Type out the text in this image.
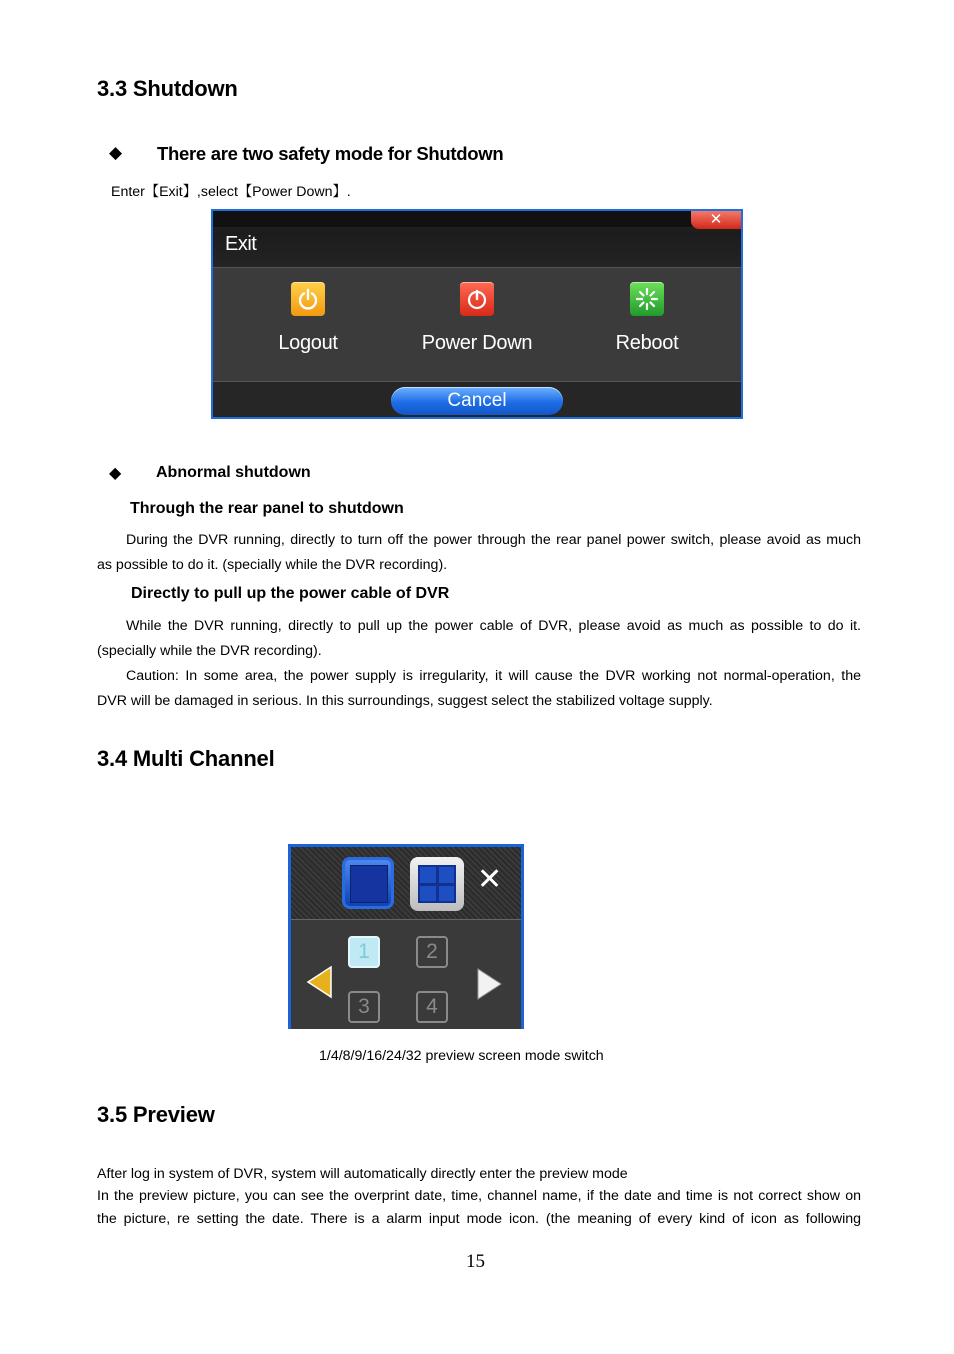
3.3 Shutdown
◆ There are two safety mode for Shutdown
Enter【Exit】,select【Power Down】.
Exit
✕
Logout	Power Down	Reboot
Cancel
◆ Abnormal shutdown
Through the rear panel to shutdown
During the DVR running, directly to turn off the power through the rear panel power switch, please avoid as much
as possible to do it. (specially while the DVR recording).
Directly to pull up the power cable of DVR
While the DVR running, directly to pull up the power cable of DVR, please avoid as much as possible to do it.
(specially while the DVR recording).
Caution: In some area, the power supply is irregularity, it will cause the DVR working not normal-operation, the
DVR will be damaged in serious. In this surroundings, suggest select the stabilized voltage supply.
3.4 Multi Channel
✕
1	2
3	4
1/4/8/9/16/24/32 preview screen mode switch
3.5 Preview
After log in system of DVR, system will automatically directly enter the preview mode
In the preview picture, you can see the overprint date, time, channel name, if the date and time is not correct show on
the picture, re setting the date. There is a alarm input mode icon. (the meaning of every kind of icon as following
15
